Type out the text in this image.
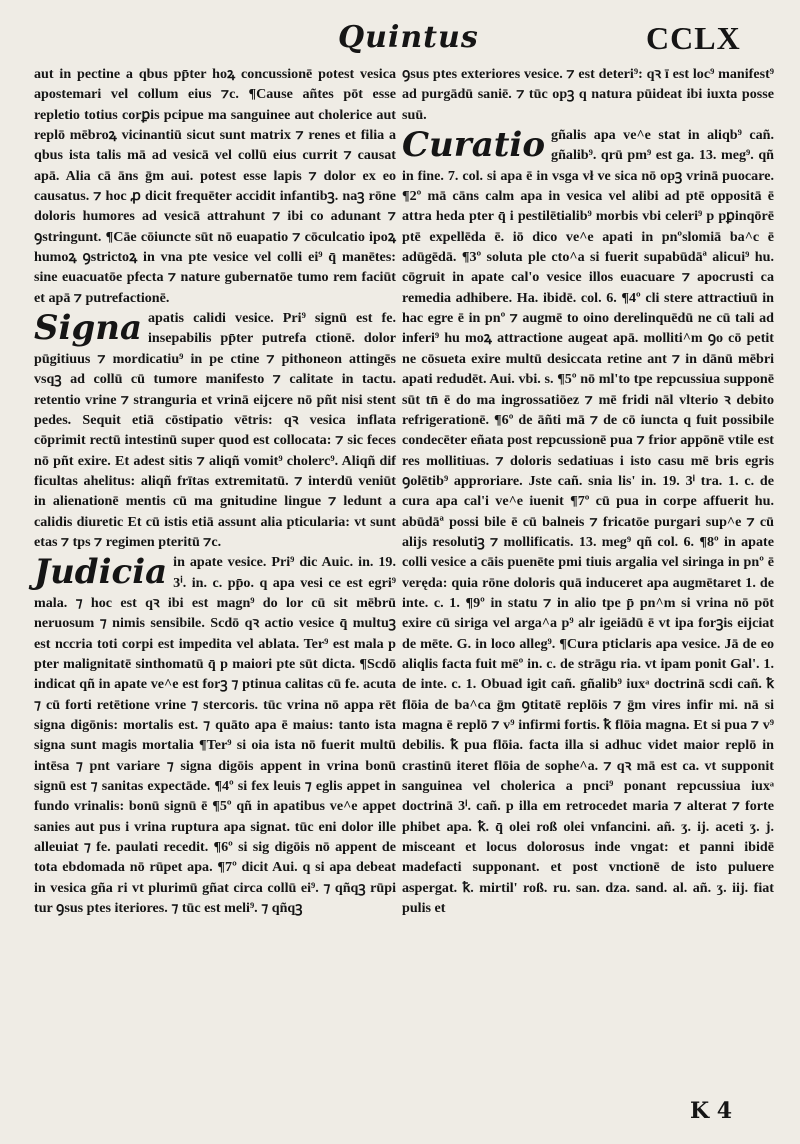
Quintus	CCLX

aut in pectine a qbus pp̄ter hoꝝ concussionē potest vesica apostemari vel collum eius ⁊c. ¶Cause añtes pōt esse repletio totius corꝑis pcipue ma sanguinee aut cholerice aut replō mēbroꝝ vicinantiū sicut sunt matrix ⁊ renes et filia a qbus ista talis mā ad vesicā vel collū eius currit ⁊ causat apā. Alia cā āns ḡm aui. potest esse lapis ⁊ dolor ex eo causatus. ⁊ hoc ꝓ dicit frequēter accidit infantibꝫ. naꝫ rōne doloris humores ad vesicā attrahunt ⁊ ibi co adunant ⁊ ꝯstringunt. ¶Cāe cōiuncte sūt nō euapatio ⁊ cōculcatio ipoꝝ humoꝝ ꝯstrictoꝝ in vna pte vesice vel colli ei⁹ q̄ manētes: sine euacuatōe pfecta ⁊ nature gubernatōe tumo rem faciūt et apā ⁊ putrefactionē.

Signa apatis calidi vesice. Pri⁹ signū est fe. insepabilis pp̄ter putrefa ctionē. dolor pūgitiuus ⁊ mordicatiu⁹ in pe ctine ⁊ pithoneon attingēs vsqꝫ ad collū cū tumore manifesto ⁊ calitate in tactu. retentio vrine ⁊ stranguria et vrinā eijcere nō pñt nisi stent pedes. Sequit etiā cōstipatio vētris: qꝛ vesica inflata cōprimit rectū intestinū super quod est collocata: ⁊ sic feces nō pñt exire. Et adest sitis ⁊ aliqñ vomit⁹ cholerc⁹. Aliqñ dif ficultas ahelitus: aliqñ frītas extremitatū. ⁊ interdū veniūt in alienationē mentis cū ma gnitudine lingue ⁊ ledunt a calidis diuretic Et cū istis etiā assunt alia pticularia: vt sunt etas ⁊ tps ⁊ regimen pteritū ⁊c.

Judicia in apate vesice. Pri⁹ dic Auic. in. 19. 3ⁱ. in. c. pp̄o. q apa vesi ce est egri⁹ mala. ⁊ hoc est qꝛ ibi est magn⁹ do lor cū sit mēbrū neruosum ⁊ nimis sensibile. Scdō qꝛ actio vesice q̄ multuꝫ est nccria toti corpi est impedita vel ablata. Ter⁹ est mala p pter malignitatē sinthomatū q̄ p maiori pte sūt dicta. ¶Scdō indicat qñ in apate ve^e est forꝫ ⁊ ptinua calitas cū fe. acuta ⁊ cū forti retētione vrine ⁊ stercoris. tūc vrina nō appa rēt signa digōnis: mortalis est. ⁊ quāto apa ē maius: tanto ista signa sunt magis mortalia ¶Ter⁹ si oia ista nō fuerit multū intēsa ⁊ pnt variare ⁊ signa digōis appent in vrina bonū signū est ⁊ sanitas expectāde. ¶4º si fex leuis ⁊ eglis appet in fundo vrinalis: bonū signū ē ¶5º qñ in apatibus ve^e appet sanies aut pus i vrina ruptura apa signat. tūc eni dolor ille alleuiat ⁊ fe. paulati recedit. ¶6º si sig digōis nō appent de tota ebdomada nō rūpet apa. ¶7º dicit Aui. q si apa debeat in vesica gña ri vt plurimū gñat circa collū ei⁹. ⁊ qñqꝫ rūpi tur ꝯsus ptes iteriores. ⁊ tūc est meli⁹. ⁊ qñqꝫ

ꝯsus ptes exteriores vesice. ⁊ est deteri⁹: qꝛ ī est loc⁹ manifest⁹ ad purgādū saniē. ⁊ tūc opꝫ q natura pūideat ibi iuxta posse suū.

Curatio gñalis apa ve^e stat in aliqb⁹ cañ. gñalib⁹. qrū pm⁹ est ga. 13. meg⁹. qñ in fine. 7. col. si apa ē in vsga vł ve sica nō opꝫ vrinā puocare. ¶2º mā cāns calm apa in vesica vel alibi ad ptē oppositā ē attra heda pter q̄ i pestilētialib⁹ morbis vbi celeri⁹ p pꝑinqōrē ptē expellēda ē. iō dico ve^e apati in pnºslomiā ba^c ē adūgēdā. ¶3º soluta ple cto^a si fuerit supabūdāª alicui⁹ hu. cōgruit in apate cal'o vesice illos euacuare ⁊ apocrusti ca remedia adhibere. Ha. ibidē. col. 6. ¶4º cli stere attractiuū in hac egre ē in pnº ⁊ augmē to oino derelinquēdū ne cū tali ad inferi⁹ hu moꝝ attractione augeat apā. molliti^m ꝯo cō petit ne cōsueta exire multū desiccata retine ant ⁊ in dānū mēbri apati redudēt. Aui. vbi. s. ¶5º nō ml'to tpe repcussiua supponē sūt tn̄ ē do ma ingrossatiōez ⁊ mē fridi nāl vlterio ꝛ debito refrigerationē. ¶6º de āñti mā ⁊ de cō iuncta q fuit possibile condecēter eñata post repcussionē pua ⁊ frior appōnē vtile est res mollitiuas. ⁊ doloris sedatiuas i isto casu mē bris egris ꝯolētib⁹ approriare. Jste cañ. snia lis' in. 19. 3ⁱ tra. 1. c. de cura apa cal'i ve^e iuenit ¶7º cū pua in corpe affuerit hu. abūdāª possi bile ē cū balneis ⁊ fricatōe purgari sup^e ⁊ cū alijs resolutiꝫ ⁊ mollificatis. 13. meg⁹ qñ col. 6. ¶8º in apate colli vesice a cāis puenēte pmi tiuis argalia vel siringa in pnº ē veręda: quia rōne doloris quā induceret apa augmētaret 1. de inte. c. 1. ¶9º in statu ⁊ in alio tpe p̄ pn^m si vrina nō pōt exire cū siriga vel arga^a p⁹ alr igeiādū ē vt ipa forꝫis eijciat de mēte. G. in loco alleg⁹. ¶Cura pticlaris apa vesice. Jā de eo aliqlis facta fuit mēº in. c. de strāgu ria. vt ipam ponit Gal'. 1. de inte. c. 1. Obuad igit cañ. gñalib⁹ iuxͣ doctrinā scdi cañ. ꝁ flōia de ba^ca ḡm ꝯtitatē replōis ⁊ ḡm vires infir mi. nā si magna ē replō ⁊ v⁹ infirmi fortis. ꝁ flōia magna. Et si pua ⁊ v⁹ debilis. ꝁ pua flōia. facta illa si adhuc videt maior replō in crastinū iteret flōia de sophe^a. ⁊ qꝛ mā est ca. vt supponit sanguinea vel cholerica a pnci⁹ ponant repcussiua iuxͣ doctrinā 3ⁱ. cañ. p illa em retrocedet maria ⁊ alterat ⁊ forte phibet apa. ꝁ. q̄ olei roß olei vnfancini. añ. ʒ. ij. aceti ʒ. j. misceant et locus dolorosus inde vngat: et panni ibidē madefacti supponant. et post vnctionē de isto puluere aspergat. ꝁ. mirtil' roß. ru. san. dza. sand. al. añ. ʒ. iij. fiat pulis et

K 4
